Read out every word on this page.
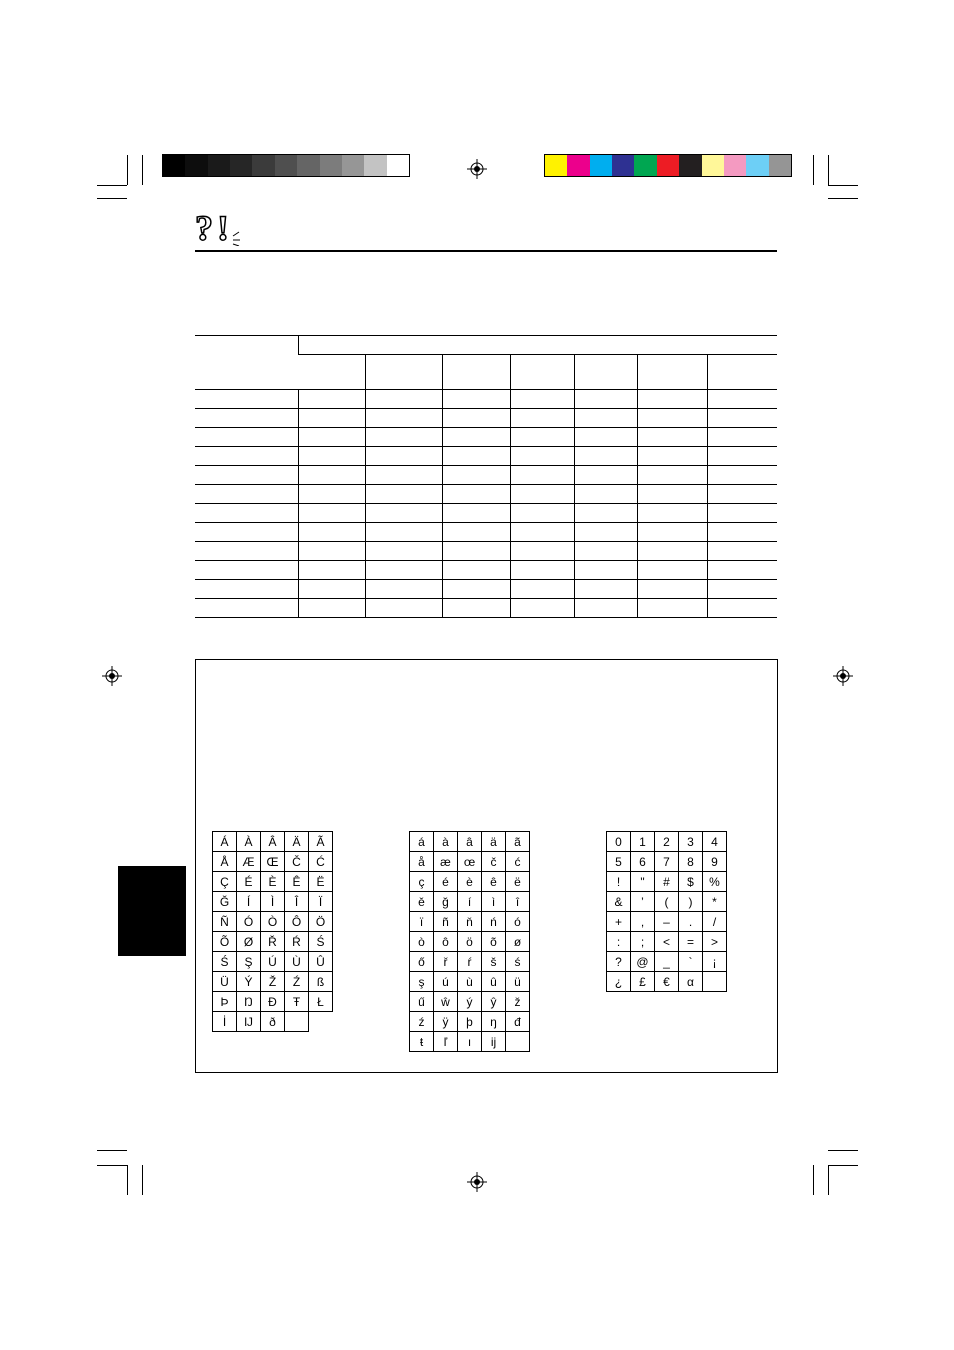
? !

Á	À	Â	Ä	Ã
Å	Æ	Œ	Č	Ć
Ç	É	È	Ê	Ë
Ğ	Í	Ì	Î	Ï
Ñ	Ó	Ò	Ô	Ö
Õ	Ø	Ř	Ŕ	Ś
Ś	Ş	Ú	Ù	Û
Ü	Ý	Ž	Ź	ß
Þ	Ŋ	Đ	Ŧ	Ł
İ	Ĳ	ð		
á	à	â	ä	ã
å	æ	œ	č	ć
ç	é	è	ê	ë
ě	ğ	í	ì	î
ï	ñ	ň	ń	ó
ò	ô	ö	õ	ø
ő	ř	ŕ	š	ś
ş	ú	ù	û	ü
ű	ŵ	ý	ŷ	ž
ź	ÿ	þ	ŋ	đ
ŧ	ľ	ı	ĳ	
0	1	2	3	4
5	6	7	8	9
!	"	#	$	%
&	’	(	)	*
+	,	–	.	/
:	;	<	=	>
?	@	_	`	¡
¿	£	€	α	
